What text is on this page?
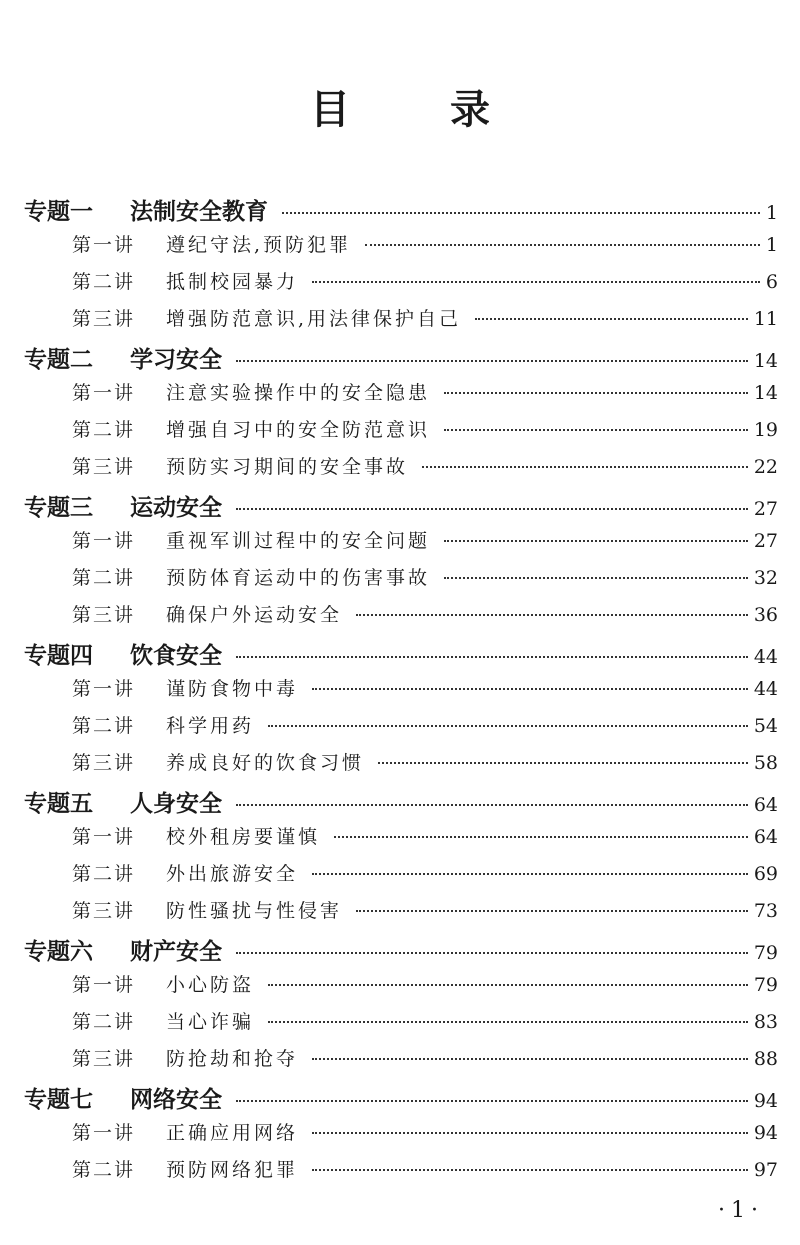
目	录
专题一	法制安全教育	1
第一讲	遵纪守法,预防犯罪	1
第二讲	抵制校园暴力	6
第三讲	增强防范意识,用法律保护自己	11
专题二	学习安全	14
第一讲	注意实验操作中的安全隐患	14
第二讲	增强自习中的安全防范意识	19
第三讲	预防实习期间的安全事故	22
专题三	运动安全	27
第一讲	重视军训过程中的安全问题	27
第二讲	预防体育运动中的伤害事故	32
第三讲	确保户外运动安全	36
专题四	饮食安全	44
第一讲	谨防食物中毒	44
第二讲	科学用药	54
第三讲	养成良好的饮食习惯	58
专题五	人身安全	64
第一讲	校外租房要谨慎	64
第二讲	外出旅游安全	69
第三讲	防性骚扰与性侵害	73
专题六	财产安全	79
第一讲	小心防盗	79
第二讲	当心诈骗	83
第三讲	防抢劫和抢夺	88
专题七	网络安全	94
第一讲	正确应用网络	94
第二讲	预防网络犯罪	97
·1·
